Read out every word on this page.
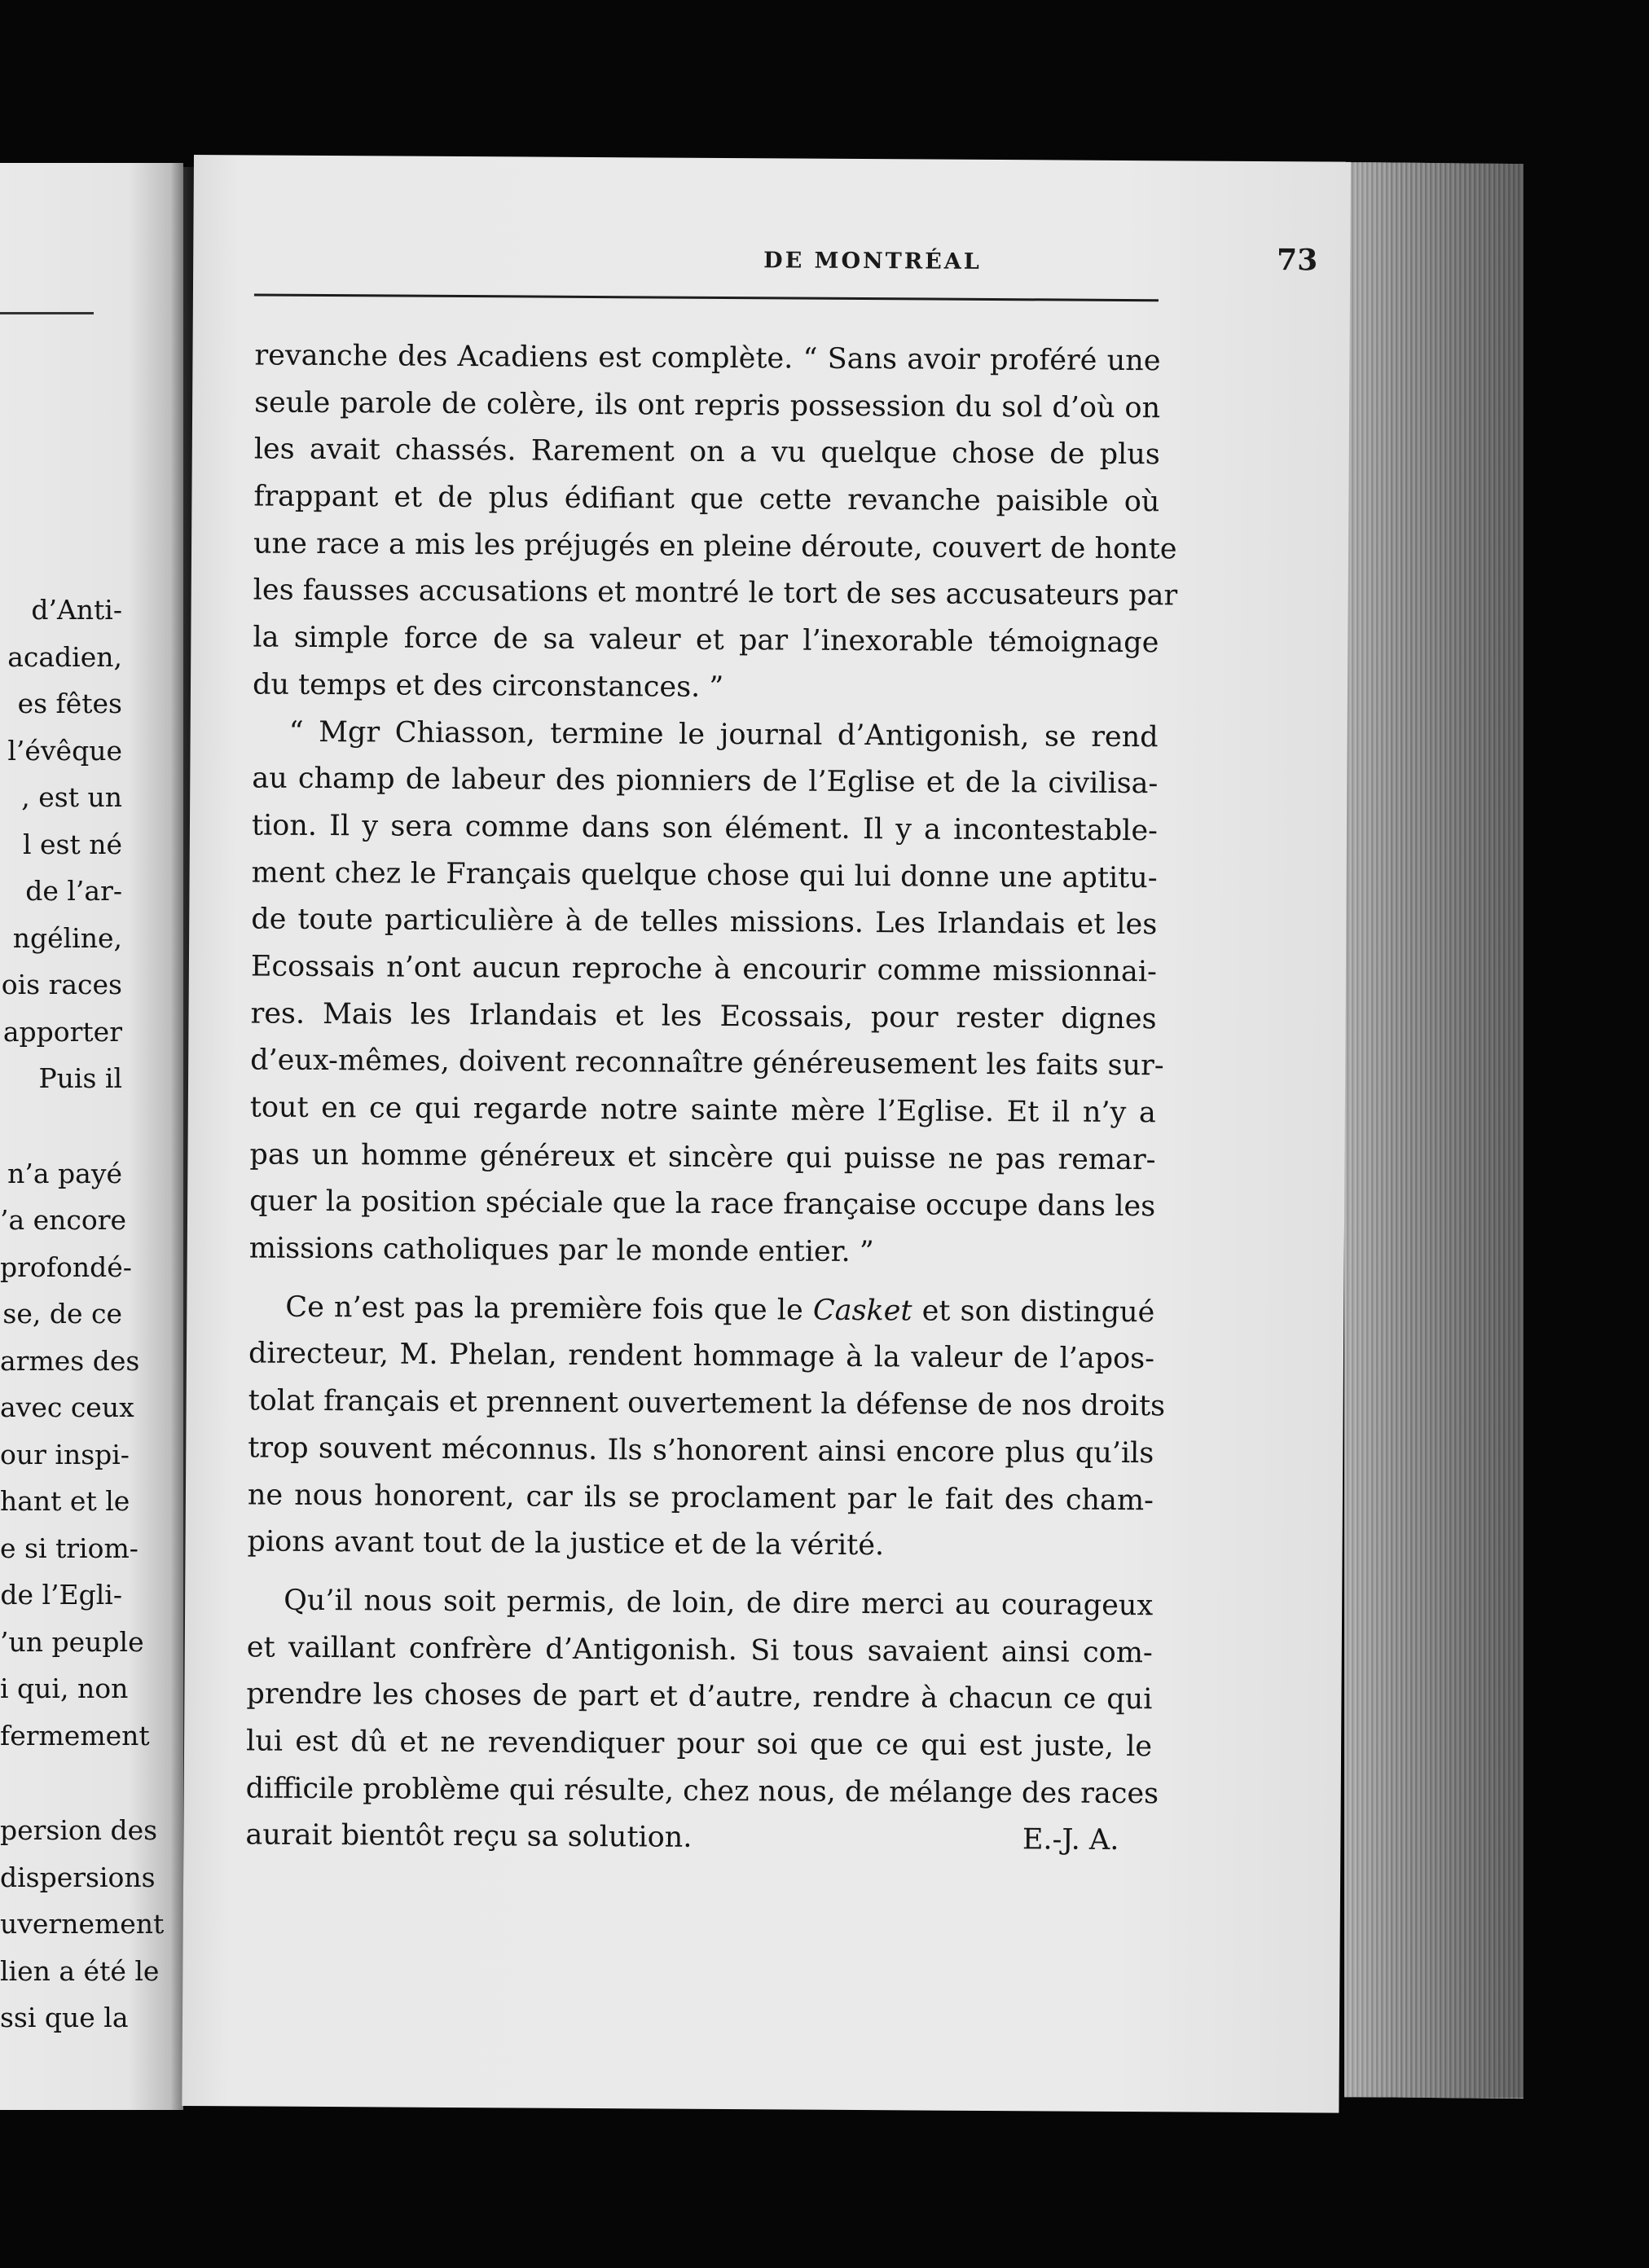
d’Anti-
acadien,
es fêtes
l’évêque
, est un
l est né
de l’ar-
ngéline,
ois races
apporter
Puis il
n’a payé
’a encore
profondé-
se, de ce
armes des
avec ceux
our inspi-
hant et le
e si triom-
de l’Egli-
’un peuple
i qui, non
fermement
persion des
dispersions
uvernement
lien a été le
ssi que la
DE MONTRÉAL	73
revanche des Acadiens est complète. “ Sans avoir proféré une
seule parole de colère, ils ont repris possession du sol d’où on
les avait chassés. Rarement on a vu quelque chose de plus
frappant et de plus édifiant que cette revanche paisible où
une race a mis les préjugés en pleine déroute, couvert de honte
les fausses accusations et montré le tort de ses accusateurs par
la simple force de sa valeur et par l’inexorable témoignage
du temps et des circonstances. ”
“ Mgr Chiasson, termine le journal d’Antigonish, se rend
au champ de labeur des pionniers de l’Eglise et de la civilisa-
tion. Il y sera comme dans son élément. Il y a incontestable-
ment chez le Français quelque chose qui lui donne une aptitu-
de toute particulière à de telles missions. Les Irlandais et les
Ecossais n’ont aucun reproche à encourir comme missionnai-
res. Mais les Irlandais et les Ecossais, pour rester dignes
d’eux-mêmes, doivent reconnaître généreusement les faits sur-
tout en ce qui regarde notre sainte mère l’Eglise. Et il n’y a
pas un homme généreux et sincère qui puisse ne pas remar-
quer la position spéciale que la race française occupe dans les
missions catholiques par le monde entier. ”
Ce n’est pas la première fois que le Casket et son distingué
directeur, M. Phelan, rendent hommage à la valeur de l’apos-
tolat français et prennent ouvertement la défense de nos droits
trop souvent méconnus. Ils s’honorent ainsi encore plus qu’ils
ne nous honorent, car ils se proclament par le fait des cham-
pions avant tout de la justice et de la vérité.
Qu’il nous soit permis, de loin, de dire merci au courageux
et vaillant confrère d’Antigonish. Si tous savaient ainsi com-
prendre les choses de part et d’autre, rendre à chacun ce qui
lui est dû et ne revendiquer pour soi que ce qui est juste, le
difficile problème qui résulte, chez nous, de mélange des races
aurait bientôt reçu sa solution.	E.-J. A.
